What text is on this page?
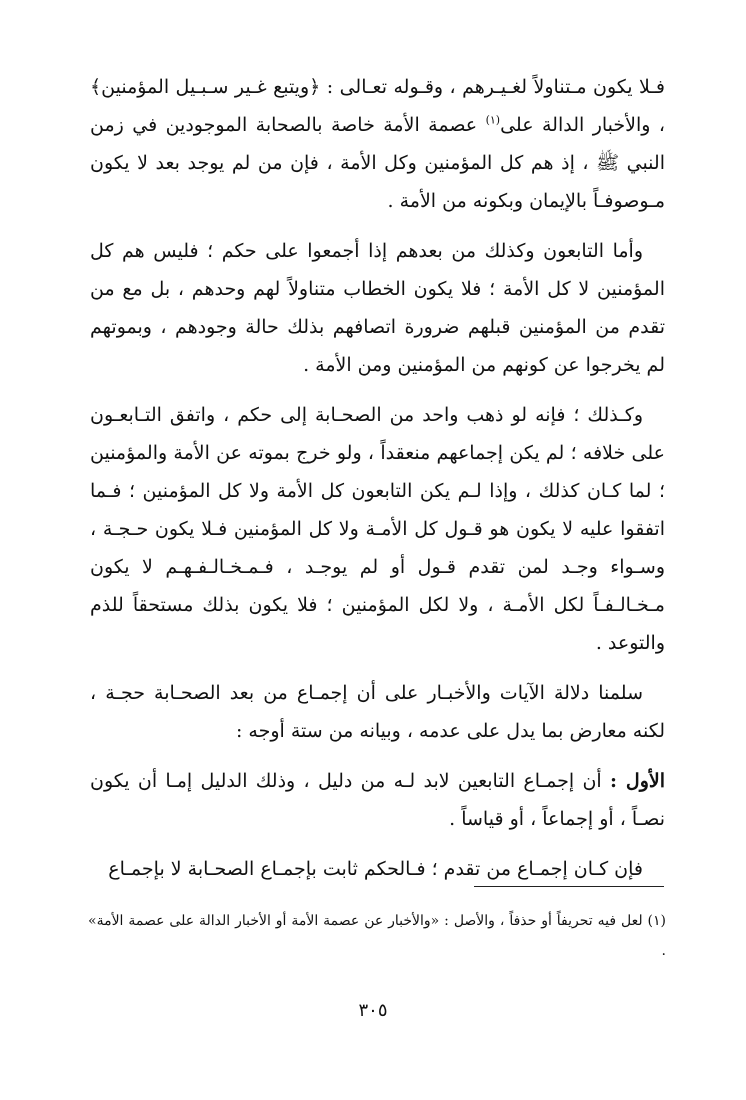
فـلا يكون مـتناولاً لغـيـرهم ، وقـوله تعـالى : ﴿ويتبع غـير سـبـيل المؤمنين﴾ ، والأخبار الدالة على$^{(١)}$ عصمة الأمة خاصة بالصحابة الموجودين في زمن النبي ﷺ ، إذ هم كل المؤمنين وكل الأمة ، فإن من لم يوجد بعد لا يكون مـوصوفـاً بالإيمان وبكونه من الأمة .

وأما التابعون وكذلك من بعدهم إذا أجمعوا على حكم ؛ فليس هم كل المؤمنين لا كل الأمة ؛ فلا يكون الخطاب متناولاً لهم وحدهم ، بل مع من تقدم من المؤمنين قبلهم ضرورة اتصافهم بذلك حالة وجودهم ، وبموتهم لم يخرجوا عن كونهم من المؤمنين ومن الأمة .

وكـذلك ؛ فإنه لو ذهب واحد من الصحـابة إلى حكم ، واتفق التـابعـون على خلافه ؛ لم يكن إجماعهم منعقداً ، ولو خرج بموته عن الأمة والمؤمنين ؛ لما كـان كذلك ، وإذا لـم يكن التابعون كل الأمة ولا كل المؤمنين ؛ فـما اتفقوا عليه لا يكون هو قـول كل الأمـة ولا كل المؤمنين فـلا يكون حـجـة ، وسـواء وجـد لمن تقدم قـول أو لم يوجـد ، فـمـخـالـفـهـم لا يكون مـخـالـفـاً لكل الأمـة ، ولا لكل المؤمنين ؛ فلا يكون بذلك مستحقاً للذم والتوعد .

سلمنا دلالة الآيات والأخبـار على أن إجمـاع من بعد الصحـابة حجـة ، لكنه معارض بما يدل على عدمه ، وبيانه من ستة أوجه :

الأول : أن إجمـاع التابعين لابد لـه من دليل ، وذلك الدليل إمـا أن يكون نصـاً ، أو إجماعاً ، أو قياساً .

فإن كـان إجمـاع من تقدم ؛ فـالحكم ثابت بإجمـاع الصحـابة لا بإجمـاع

(١) لعل فيه تحريفاً أو حذفاً ، والأصل : «والأخبار عن عصمة الأمة أو الأخبار الدالة على عصمة الأمة» .

٣٠٥
